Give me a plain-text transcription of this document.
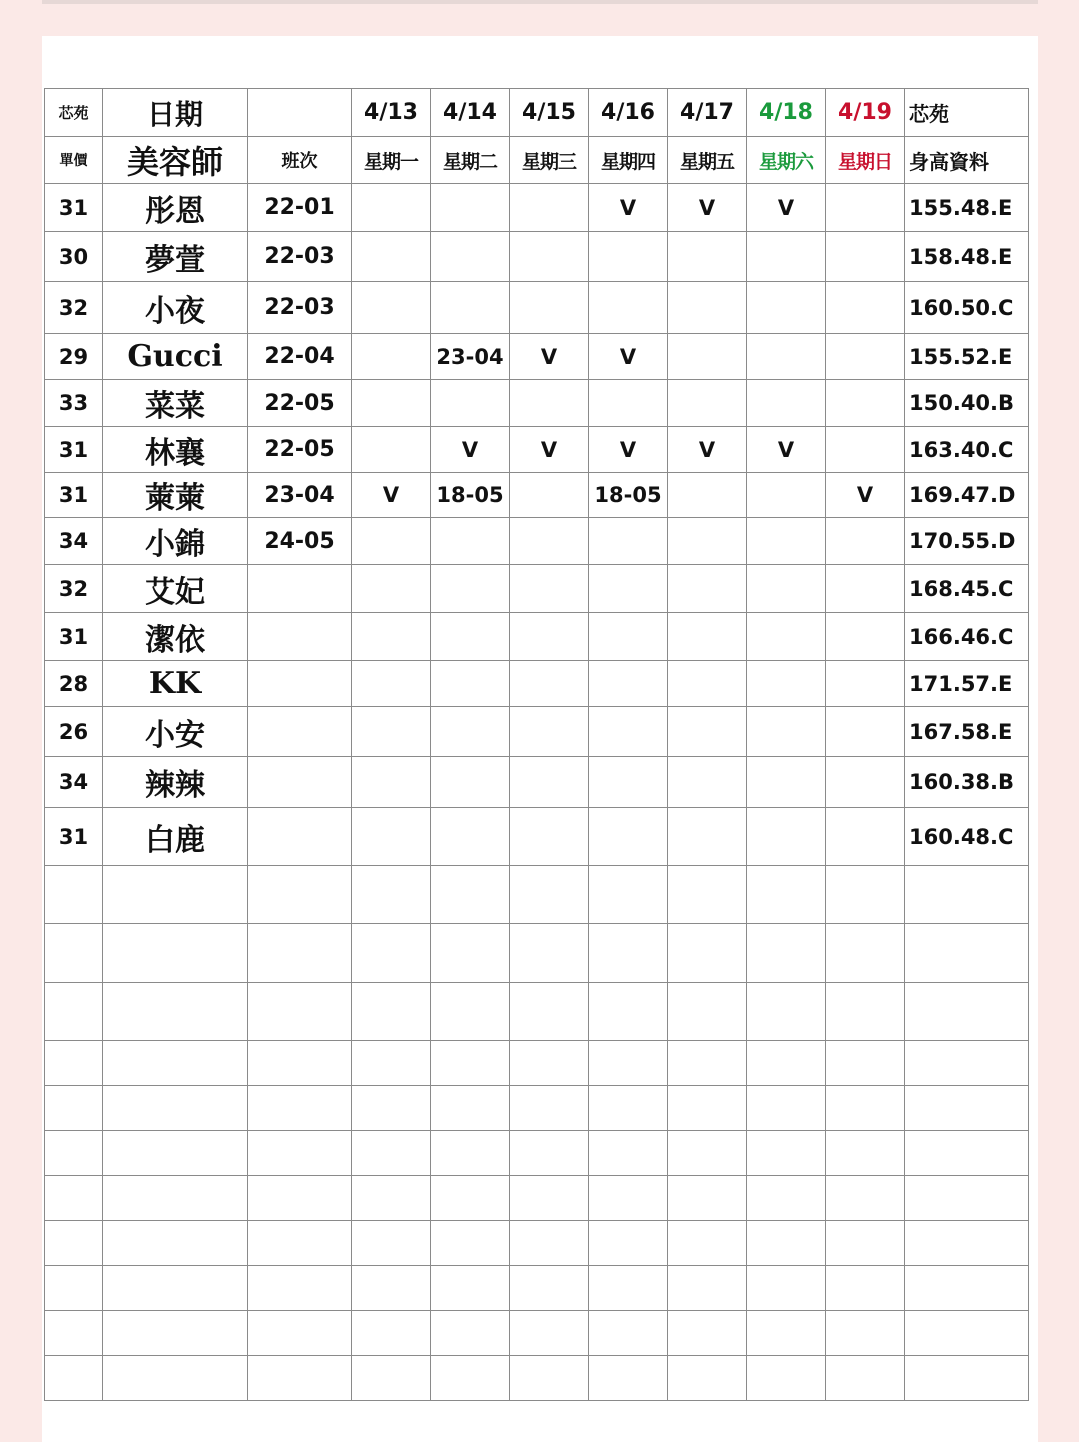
芯苑	日期		4/13	4/14	4/15	4/16	4/17	4/18	4/19	芯苑
單價	美容師	班次	星期一	星期二	星期三	星期四	星期五	星期六	星期日	身高資料
31	彤恩	22-01				V	V	V		155.48.E
30	夢萱	22-03								158.48.E
32	小夜	22-03								160.50.C
29	Gucci	22-04		23-04	V	V				155.52.E
33	菜菜	22-05								150.40.B
31	林襄	22-05		V	V	V	V	V		163.40.C
31	萰萰	23-04	V	18-05		18-05			V	169.47.D
34	小錦	24-05								170.55.D
32	艾妃									168.45.C
31	潔依									166.46.C
28	KK									171.57.E
26	小安									167.58.E
34	辣辣									160.38.B
31	白鹿									160.48.C
